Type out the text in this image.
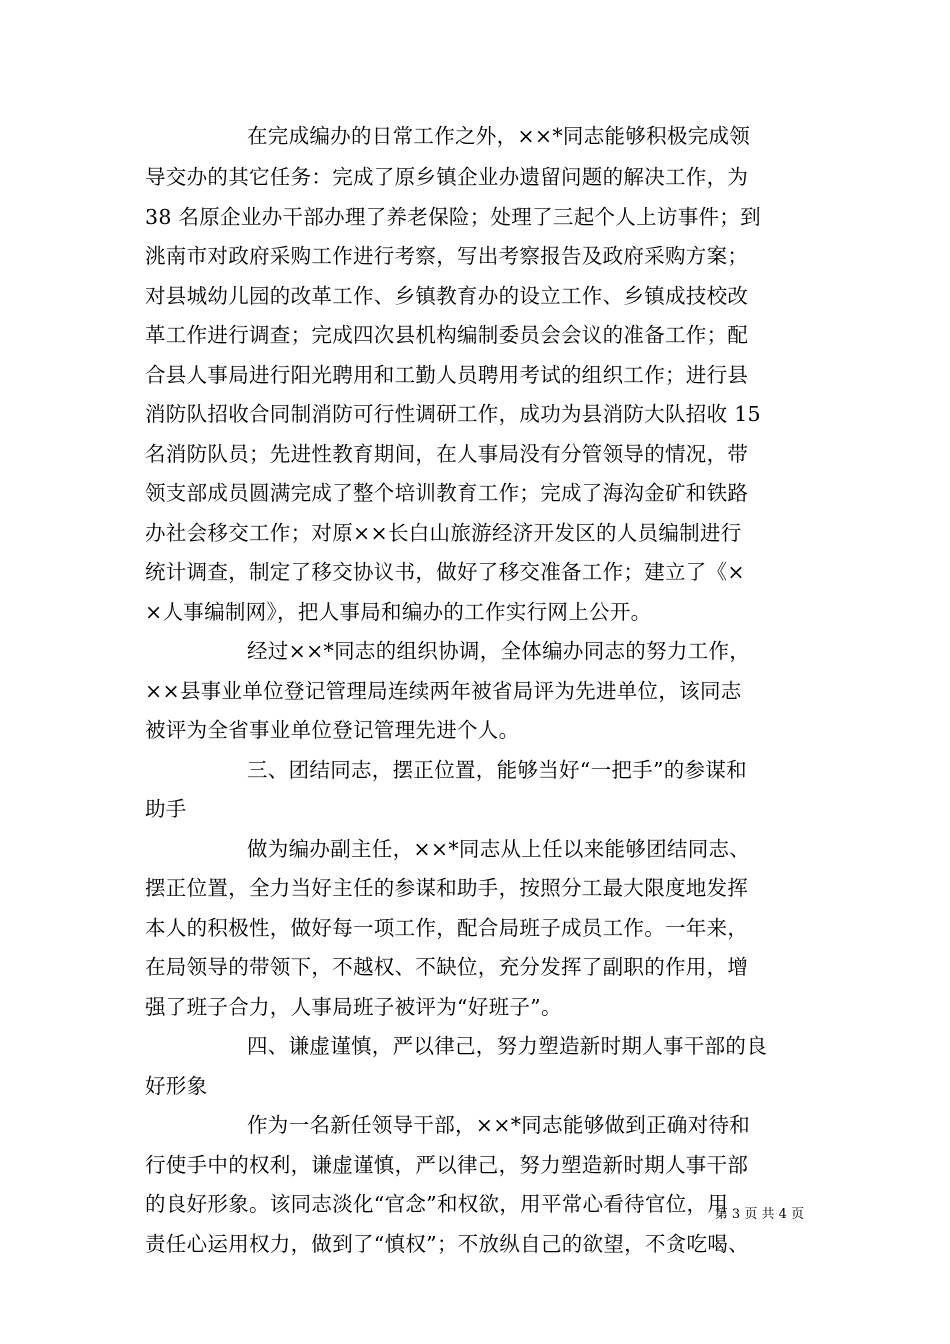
在完成编办的日常工作之外，××*同志能够积极完成领
导交办的其它任务：完成了原乡镇企业办遗留问题的解决工作，为
38 名原企业办干部办理了养老保险；处理了三起个人上访事件；到
洮南市对政府采购工作进行考察，写出考察报告及政府采购方案；
对县城幼儿园的改革工作、乡镇教育办的设立工作、乡镇成技校改
革工作进行调查；完成四次县机构编制委员会会议的准备工作；配
合县人事局进行阳光聘用和工勤人员聘用考试的组织工作；进行县
消防队招收合同制消防可行性调研工作，成功为县消防大队招收 15
名消防队员；先进性教育期间，在人事局没有分管领导的情况，带
领支部成员圆满完成了整个培训教育工作；完成了海沟金矿和铁路
办社会移交工作；对原××长白山旅游经济开发区的人员编制进行
统计调查，制定了移交协议书，做好了移交准备工作；建立了《×
×人事编制网》，把人事局和编办的工作实行网上公开。
经过××*同志的组织协调，全体编办同志的努力工作，
××县事业单位登记管理局连续两年被省局评为先进单位，该同志
被评为全省事业单位登记管理先进个人。
三、团结同志，摆正位置，能够当好“一把手”的参谋和
助手
做为编办副主任，××*同志从上任以来能够团结同志、
摆正位置，全力当好主任的参谋和助手，按照分工最大限度地发挥
本人的积极性，做好每一项工作，配合局班子成员工作。一年来，
在局领导的带领下，不越权、不缺位，充分发挥了副职的作用，增
强了班子合力，人事局班子被评为“好班子”。
四、谦虚谨慎，严以律己，努力塑造新时期人事干部的良
好形象
作为一名新任领导干部，××*同志能够做到正确对待和
行使手中的权利，谦虚谨慎，严以律己，努力塑造新时期人事干部
的良好形象。该同志淡化“官念”和权欲，用平常心看待官位，用
责任心运用权力，做到了“慎权”；不放纵自己的欲望，不贪吃喝、
第 3 页 共 4 页
